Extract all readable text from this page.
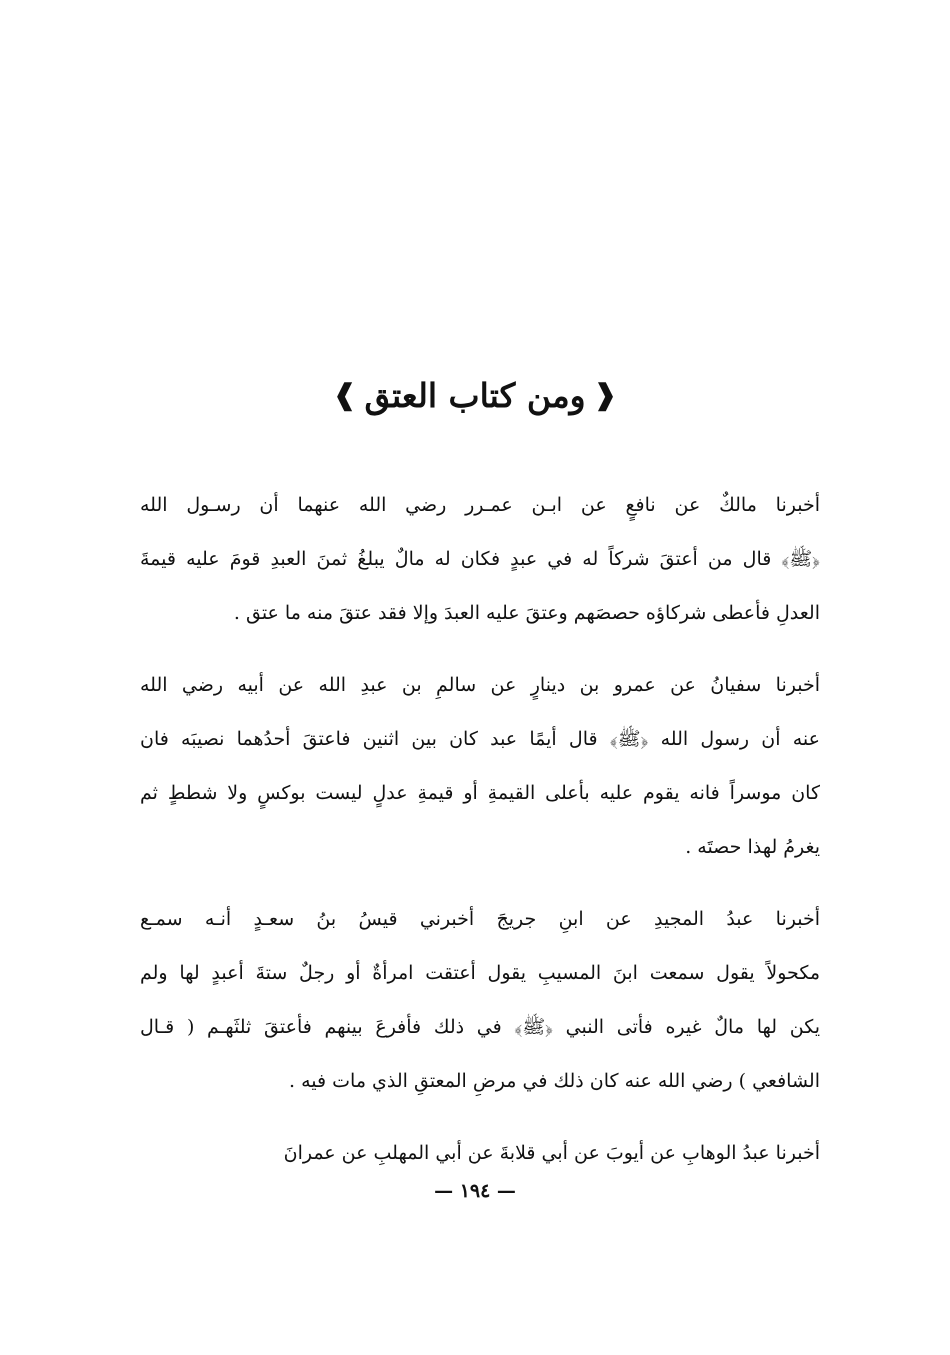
❰
ومن كتاب العتق
❱
أخبرنا مالكٌ عن نافعٍ عن ابـن عمـرر رضي الله عنهما أن رسـول الله
﴿ﷺ﴾ قال من أعتقَ شركاً له في عبدٍ فكان له مالٌ يبلغُ ثمنَ العبدِ قومَ عليه قيمةَ
العدلِ فأعطى شركاؤه حصصَهم وعتقَ عليه العبدَ وإلا فقد عتقَ منه ما عتق .
أخبرنا سفيانُ عن عمرو بن دينارٍ عن سالمِ بن عبدِ الله عن أبيه رضي الله
عنه أن رسول الله ﴿ﷺ﴾ قال أيمًا عبد كان بين اثنين فاعتقَ أحدُهما نصيبَه فان
كان موسراً فانه يقوم عليه بأعلى القيمةِ أو قيمةِ عدلٍ ليست بوكسٍ ولا شططٍ ثم
يغرمُ لهذا حصتَه .
أخبرنا عبدُ المجيدِ عن ابنِ جريجَ أخبرني قيسُ بنُ سعـدٍ أنـه سمـع
مكحولاً يقول سمعت ابنَ المسيبِ يقول أعتقت امرأةٌ أو رجلٌ ستةَ أعبدٍ لها ولم
يكن لها مالٌ غيره فأتى النبي ﴿ﷺ﴾ في ذلك فأفرعَ بينهم فأعتقَ ثلثَهـم ( قـال
الشافعي ) رضي الله عنه كان ذلك في مرضِ المعتقِ الذي مات فيه .
أخبرنا عبدُ الوهابِ عن أيوبَ عن أبي قلابةَ عن أبي المهلبِ عن عمرانَ
— ١٩٤ —
